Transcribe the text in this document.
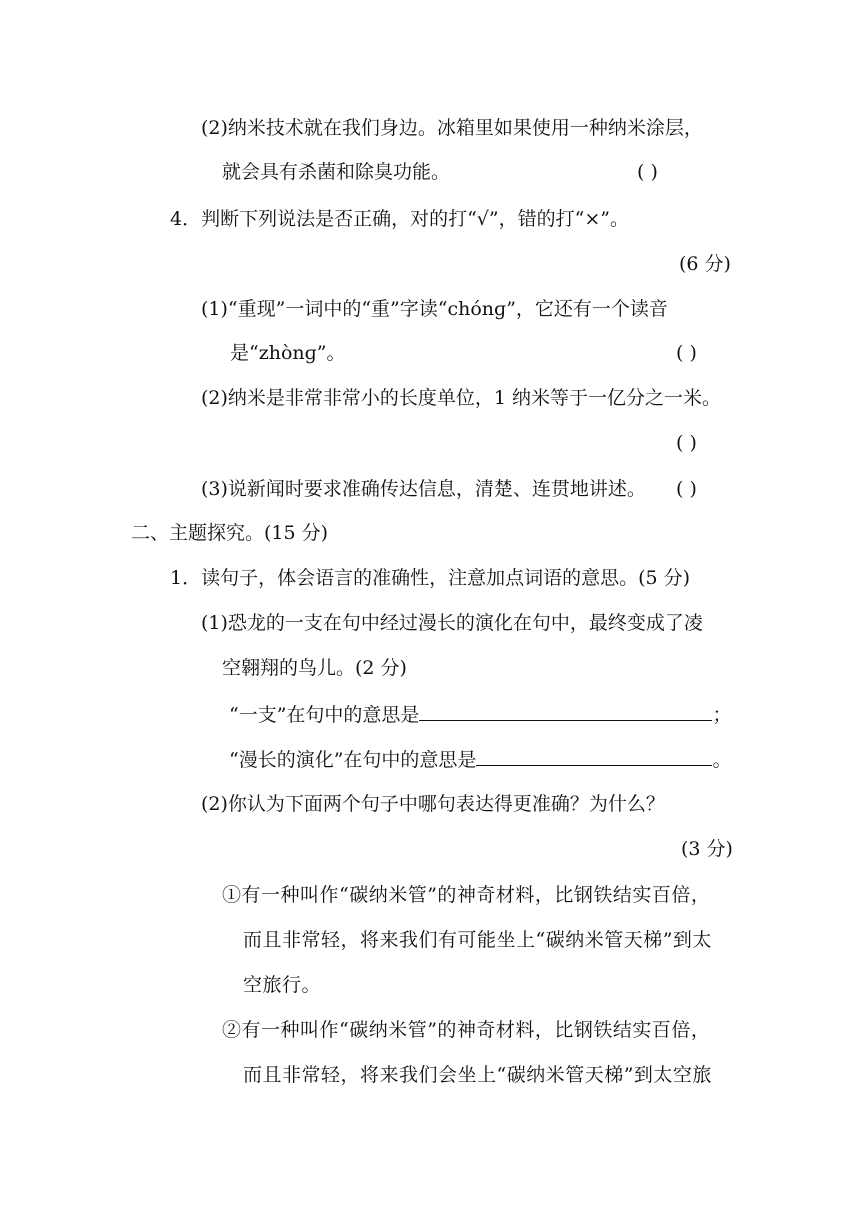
(2)纳米技术就在我们身边。冰箱里如果使用一种纳米涂层，
就会具有杀菌和除臭功能。	( )
4．判断下列说法是否正确，对的打“√”，错的打“×”。
(6 分)
(1)“重现”一词中的“重”字读“chónɡ”，它还有一个读音
是“zhònɡ”。	( )
(2)纳米是非常非常小的长度单位，1 纳米等于一亿分之一米。
( )
(3)说新闻时要求准确传达信息，清楚、连贯地讲述。 ( )
二、主题探究。(15 分)
1．读句子，体会语言的准确性，注意加点词语的意思。(5 分)
(1)恐龙的一支在句中经过漫长的演化在句中，最终变成了凌
空翱翔的鸟儿。(2 分)
“一支”在句中的意思是	；
“漫长的演化”在句中的意思是	。
(2)你认为下面两个句子中哪句表达得更准确？为什么？
(3 分)
①有一种叫作“碳纳米管”的神奇材料，比钢铁结实百倍，
而且非常轻，将来我们有可能坐上“碳纳米管天梯”到太
空旅行。
②有一种叫作“碳纳米管”的神奇材料，比钢铁结实百倍，
而且非常轻，将来我们会坐上“碳纳米管天梯”到太空旅
